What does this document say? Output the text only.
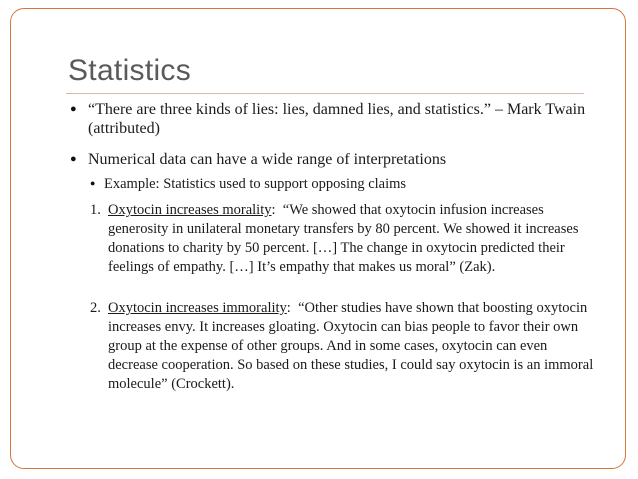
Statistics
● “There are three kinds of lies: lies, damned lies, and statistics.” – Mark Twain (attributed)
● Numerical data can have a wide range of interpretations
● Example: Statistics used to support opposing claims
1. Oxytocin increases morality:  “We showed that oxytocin infusion increases generosity in unilateral monetary transfers by 80 percent. We showed it increases donations to charity by 50 percent. […] The change in oxytocin predicted their feelings of empathy. […] It’s empathy that makes us moral” (Zak).
2. Oxytocin increases immorality:  “Other studies have shown that boosting oxytocin increases envy. It increases gloating. Oxytocin can bias people to favor their own group at the expense of other groups. And in some cases, oxytocin can even decrease cooperation. So based on these studies, I could say oxytocin is an immoral molecule” (Crockett).
